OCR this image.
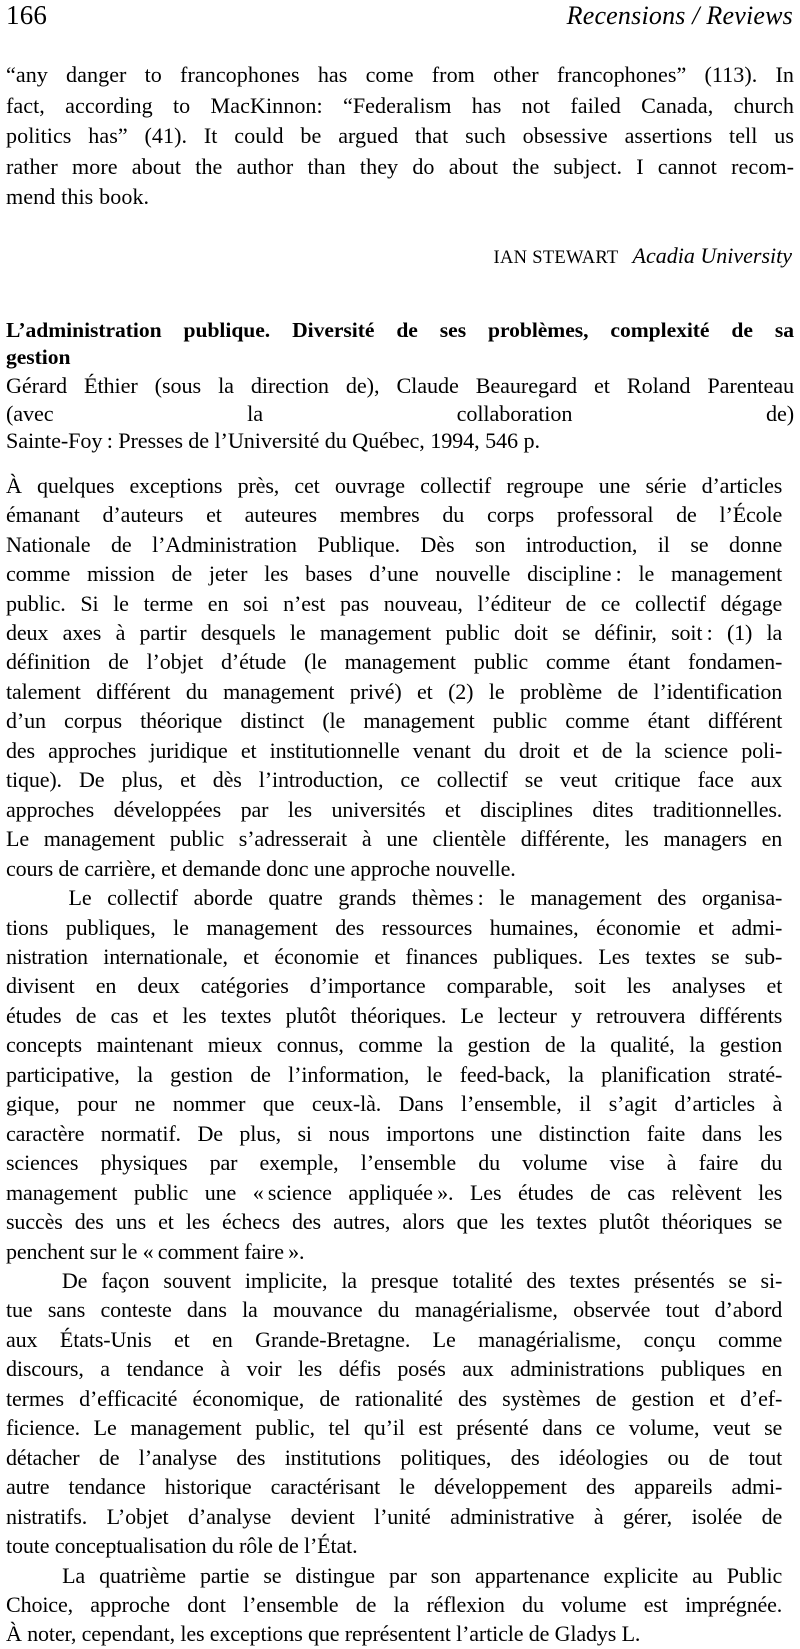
166	Recensions / Reviews
“any danger to francophones has come from other francophones” (113). In
fact, according to MacKinnon: “Federalism has not failed Canada, church
politics has” (41). It could be argued that such obsessive assertions tell us
rather more about the author than they do about the subject. I cannot recom-
mend this book.
IAN STEWART Acadia University
L’administration publique. Diversité de ses problèmes, complexité de sa
gestion
Gérard Éthier (sous la direction de), Claude Beauregard et Roland Parenteau
(avec la collaboration de)
Sainte-Foy : Presses de l’Université du Québec, 1994, 546 p.
À quelques exceptions près, cet ouvrage collectif regroupe une série d’articles
émanant d’auteurs et auteures membres du corps professoral de l’École
Nationale de l’Administration Publique. Dès son introduction, il se donne
comme mission de jeter les bases d’une nouvelle discipline : le management
public. Si le terme en soi n’est pas nouveau, l’éditeur de ce collectif dégage
deux axes à partir desquels le management public doit se définir, soit : (1) la
définition de l’objet d’étude (le management public comme étant fondamen-
talement différent du management privé) et (2) le problème de l’identification
d’un corpus théorique distinct (le management public comme étant différent
des approches juridique et institutionnelle venant du droit et de la science poli-
tique). De plus, et dès l’introduction, ce collectif se veut critique face aux
approches développées par les universités et disciplines dites traditionnelles.
Le management public s’adresserait à une clientèle différente, les managers en
cours de carrière, et demande donc une approche nouvelle.
Le collectif aborde quatre grands thèmes : le management des organisa-
tions publiques, le management des ressources humaines, économie et admi-
nistration internationale, et économie et finances publiques. Les textes se sub-
divisent en deux catégories d’importance comparable, soit les analyses et
études de cas et les textes plutôt théoriques. Le lecteur y retrouvera différents
concepts maintenant mieux connus, comme la gestion de la qualité, la gestion
participative, la gestion de l’information, le feed-back, la planification straté-
gique, pour ne nommer que ceux-là. Dans l’ensemble, il s’agit d’articles à
caractère normatif. De plus, si nous importons une distinction faite dans les
sciences physiques par exemple, l’ensemble du volume vise à faire du
management public une « science appliquée ». Les études de cas relèvent les
succès des uns et les échecs des autres, alors que les textes plutôt théoriques se
penchent sur le « comment faire ».
De façon souvent implicite, la presque totalité des textes présentés se si-
tue sans conteste dans la mouvance du managérialisme, observée tout d’abord
aux États-Unis et en Grande-Bretagne. Le managérialisme, conçu comme
discours, a tendance à voir les défis posés aux administrations publiques en
termes d’efficacité économique, de rationalité des systèmes de gestion et d’ef-
ficience. Le management public, tel qu’il est présenté dans ce volume, veut se
détacher de l’analyse des institutions politiques, des idéologies ou de tout
autre tendance historique caractérisant le développement des appareils admi-
nistratifs. L’objet d’analyse devient l’unité administrative à gérer, isolée de
toute conceptualisation du rôle de l’État.
La quatrième partie se distingue par son appartenance explicite au Public
Choice, approche dont l’ensemble de la réflexion du volume est imprégnée.
À noter, cependant, les exceptions que représentent l’article de Gladys L.
